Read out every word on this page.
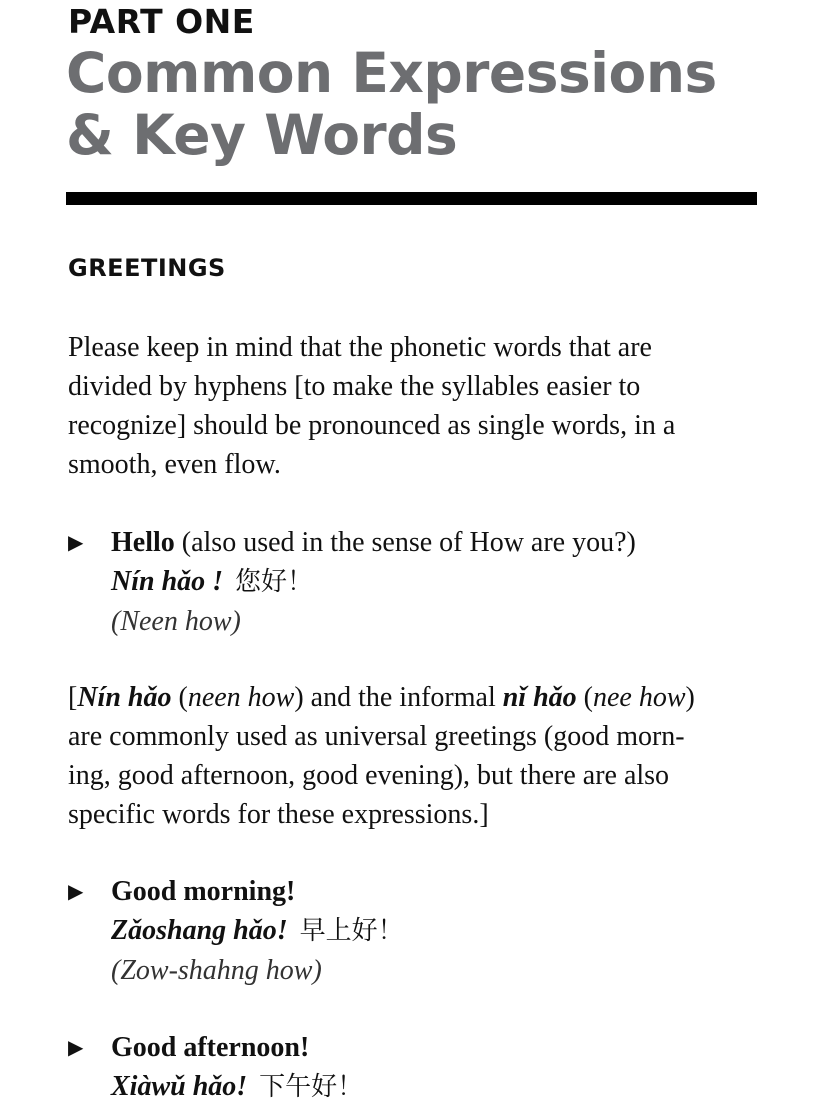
PART ONE
Common Expressions
& Key Words
GREETINGS
Please keep in mind that the phonetic words that are
divided by hyphens [to make the syllables easier to
recognize] should be pronounced as single words, in a
smooth, even flow.
▶ Hello (also used in the sense of How are you?)
Nín hǎo ! 您好！
(Neen how)
[Nín hǎo (neen how) and the informal nǐ hǎo (nee how)
are commonly used as universal greetings (good morn-
ing, good afternoon, good evening), but there are also
specific words for these expressions.]
▶ Good morning!
Zǎoshang hǎo! 早上好！
(Zow-shahng how)
▶ Good afternoon!
Xiàwǔ hǎo! 下午好！
